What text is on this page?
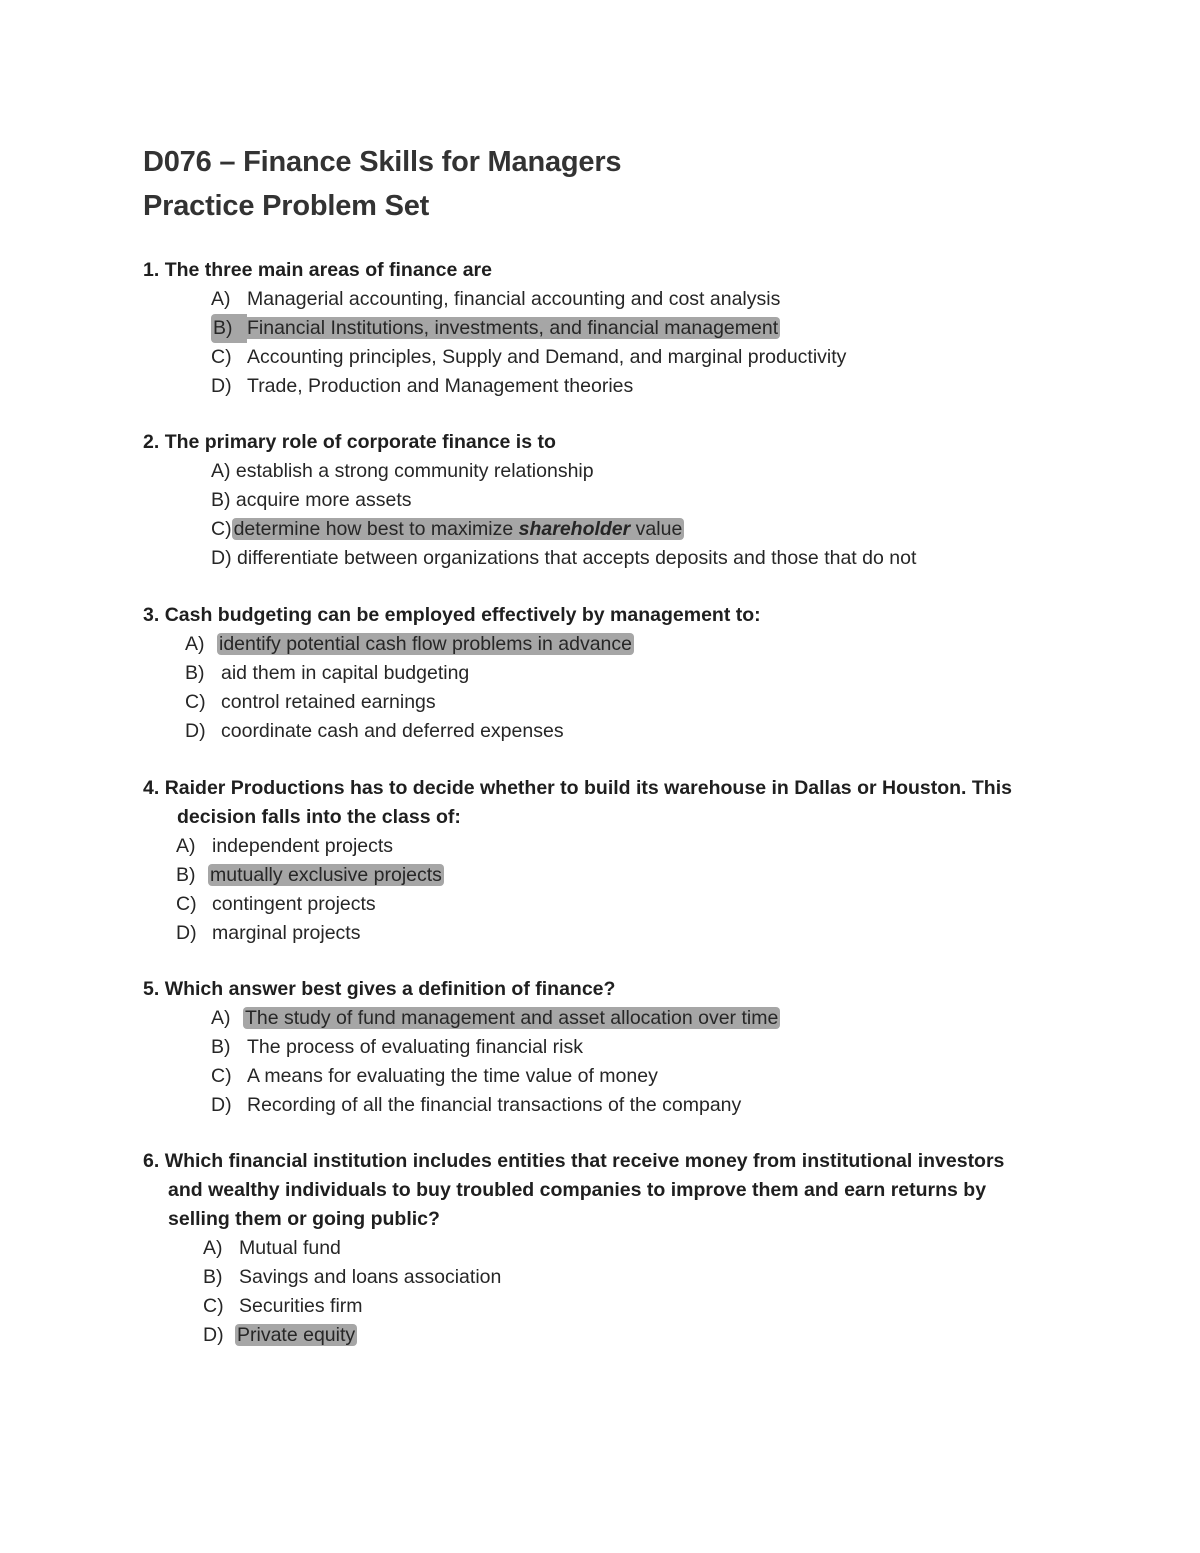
D076 – Finance Skills for Managers
Practice Problem Set
1. The three main areas of finance are
A) Managerial accounting, financial accounting and cost analysis
B) Financial Institutions, investments, and financial management
C) Accounting principles, Supply and Demand, and marginal productivity
D) Trade, Production and Management theories
2. The primary role of corporate finance is to
A) establish a strong community relationship
B) acquire more assets
C) determine how best to maximize shareholder value
D) differentiate between organizations that accepts deposits and those that do not
3. Cash budgeting can be employed effectively by management to:
A) identify potential cash flow problems in advance
B) aid them in capital budgeting
C) control retained earnings
D) coordinate cash and deferred expenses
4. Raider Productions has to decide whether to build its warehouse in Dallas or Houston. This
decision falls into the class of:
A) independent projects
B) mutually exclusive projects
C) contingent projects
D) marginal projects
5. Which answer best gives a definition of finance?
A) The study of fund management and asset allocation over time
B) The process of evaluating financial risk
C) A means for evaluating the time value of money
D) Recording of all the financial transactions of the company
6. Which financial institution includes entities that receive money from institutional investors
and wealthy individuals to buy troubled companies to improve them and earn returns by
selling them or going public?
A) Mutual fund
B) Savings and loans association
C) Securities firm
D) Private equity
